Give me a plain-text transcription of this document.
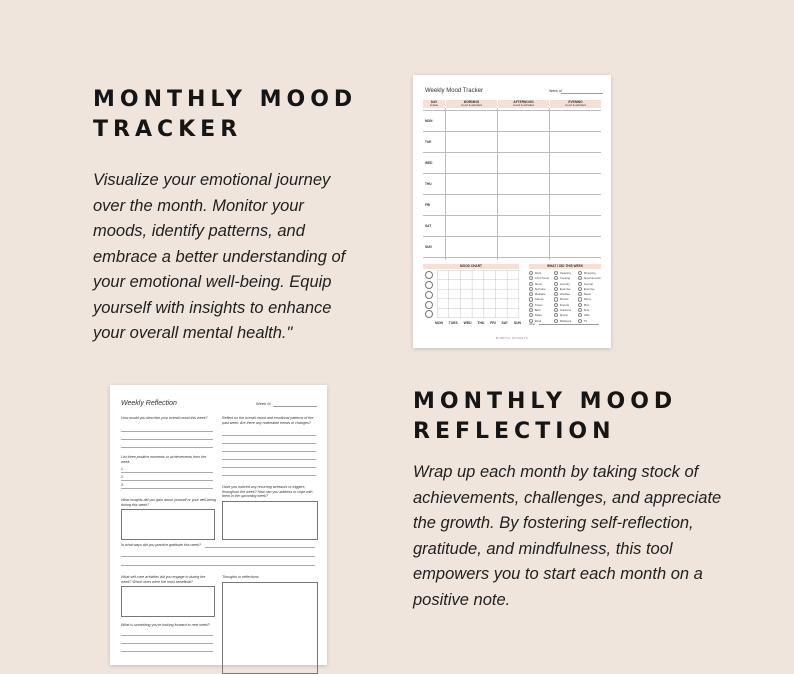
MONTHLY MOOD
TRACKER
Visualize your emotional journey
over the month. Monitor your
moods, identify patterns, and
embrace a better understanding of
your emotional well-being. Equip
yourself with insights to enhance
your overall mental health."
MONTHLY MOOD
REFLECTION
Wrap up each month by taking stock of
achievements, challenges, and appreciate
the growth. By fostering self-reflection,
gratitude, and mindfulness, this tool
empowers you to start each month on a
positive note.
Weekly Mood Tracker	Week of
DAY
& date
MORNING
mood & activities
AFTERNOON
mood & activities
EVENING
mood & activities
MON
TUE
WED
THU
FRI
SAT
SUN
MOOD CHART
MON TUES WED THU FRI SAT SUN
WHAT I DID THIS WEEK
Work
Chiro home
Study
Self care
Meditate
Games
Travel
Bath
Relax
Work
Cleaning
Cooking
Laundry
Exercise
Hobbies
Movies
Friends
Outdoors
Sports
Relatives
Shopping
Appointments
Journal
Exercise
Read
Dress
Plan
Pets
Gifts
TV
other
MINDFUL POCKETS
Weekly Reflection	Week of
How would you describe your overall mood this week?
List three positive moments or achievements from the week:
1.
2.
3.
What insights did you gain about yourself or your well-being during this week?
In what ways did you practice gratitude this week?
What self-care activities did you engage in during the week? Which ones were the most beneficial?
What is something you're looking forward to next week?
Reflect on the overall mood and emotional patterns of the past week. Are there any noticeable trends or changes?
Have you noticed any recurring stressors or triggers throughout the week? How can you address or cope with them in the upcoming week?
Thoughts or reflections
